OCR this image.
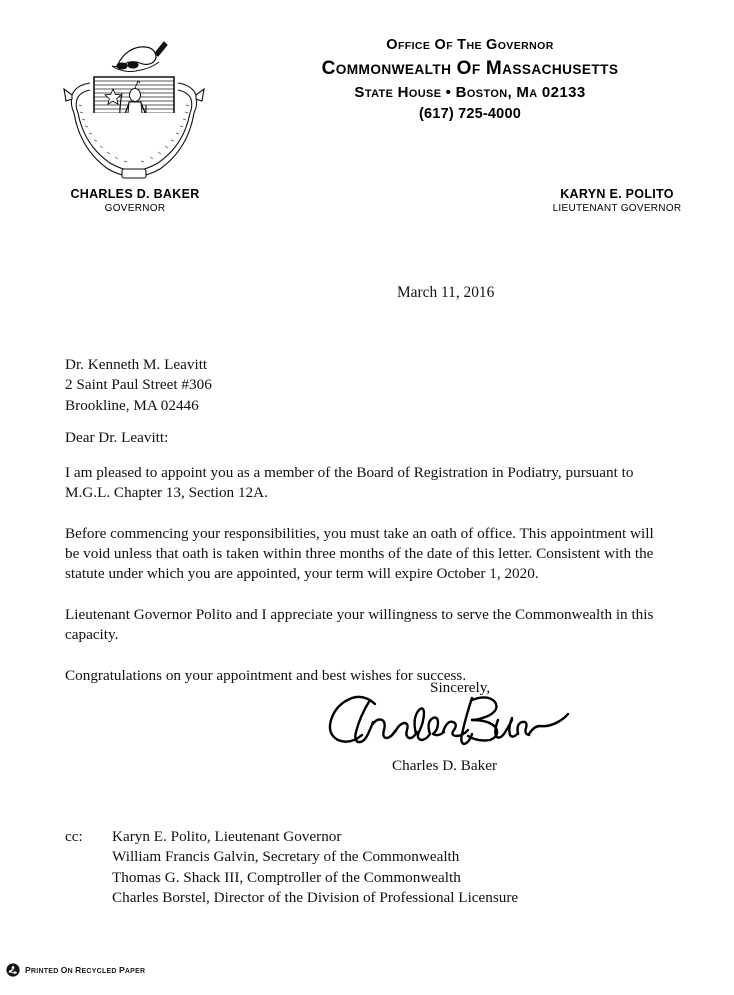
OFFICE OF THE GOVERNOR
COMMONWEALTH OF MASSACHUSETTS
STATE HOUSE • BOSTON, MA 02133
(617) 725-4000
CHARLES D. BAKER
GOVERNOR
KARYN E. POLITO
LIEUTENANT GOVERNOR
March 11, 2016
Dr. Kenneth M. Leavitt
2 Saint Paul Street #306
Brookline, MA 02446
Dear Dr. Leavitt:

I am pleased to appoint you as a member of the Board of Registration in Podiatry, pursuant to M.G.L. Chapter 13, Section 12A.

Before commencing your responsibilities, you must take an oath of office. This appointment will be void unless that oath is taken within three months of the date of this letter. Consistent with the statute under which you are appointed, your term will expire October 1, 2020.

Lieutenant Governor Polito and I appreciate your willingness to serve the Commonwealth in this capacity.

Congratulations on your appointment and best wishes for success.

Sincerely,
Charles D. Baker
cc: Karyn E. Polito, Lieutenant Governor
William Francis Galvin, Secretary of the Commonwealth
Thomas G. Shack III, Comptroller of the Commonwealth
Charles Borstel, Director of the Division of Professional Licensure
PRINTED ON RECYCLED PAPER
